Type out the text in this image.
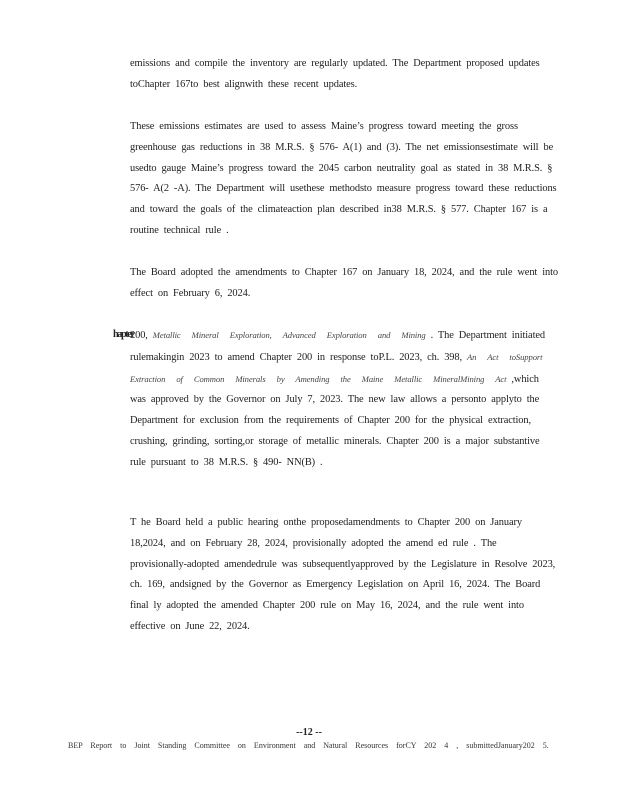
emissions and compile the inventory are regularly updated. The Department proposed updates toChapter 167to best alignwith these recent updates.

These emissions estimates are used to assess Maine’s progress toward meeting the gross greenhouse gas reductions in 38 M.R.S. § 576- A(1) and (3). The net emissionsestimate will be usedto gauge Maine’s progress toward the 2045 carbon neutrality goal as stated in 38 M.R.S. § 576- A(2 -A). The Department will usethese methodsto measure progress toward these reductions and toward the goals of the climateaction plan described in38 M.R.S. § 577. Chapter 167 is a routine technical rule .

The Board adopted the amendments to Chapter 167 on January 18, 2024, and the rule went into effect on February 6, 2024.

hapter

200, Metallic Mineral Exploration, Advanced Exploration and Mining . The Department initiated rulemakingin 2023 to amend Chapter 200 in response toP.L. 2023, ch. 398, An Act toSupport Extraction of Common Minerals by Amending the Maine Metallic MineralMining Act ,which was approved by the Governor on July 7, 2023. The new law allows a personto applyto the Department for exclusion from the requirements of Chapter 200 for the physical extraction, crushing, grinding, sorting,or storage of metallic minerals. Chapter 200 is a major substantive rule pursuant to 38 M.R.S. § 490- NN(B) .

T he Board held a public hearing onthe proposedamendments to Chapter 200 on January 18,2024, and on February 28, 2024, provisionally adopted the amend ed rule . The provisionally-adopted amendedrule was subsequentlyapproved by the Legislature in Resolve 2023, ch. 169, andsigned by the Governor as Emergency Legislation on April 16, 2024. The Board final ly adopted the amended Chapter 200 rule on May 16, 2024, and the rule went into effective on June 22, 2024.

--12 --
BEP Report to Joint Standing Committee on Environment and Natural Resources forCY 202 4 , submittedJanuary202 5.
